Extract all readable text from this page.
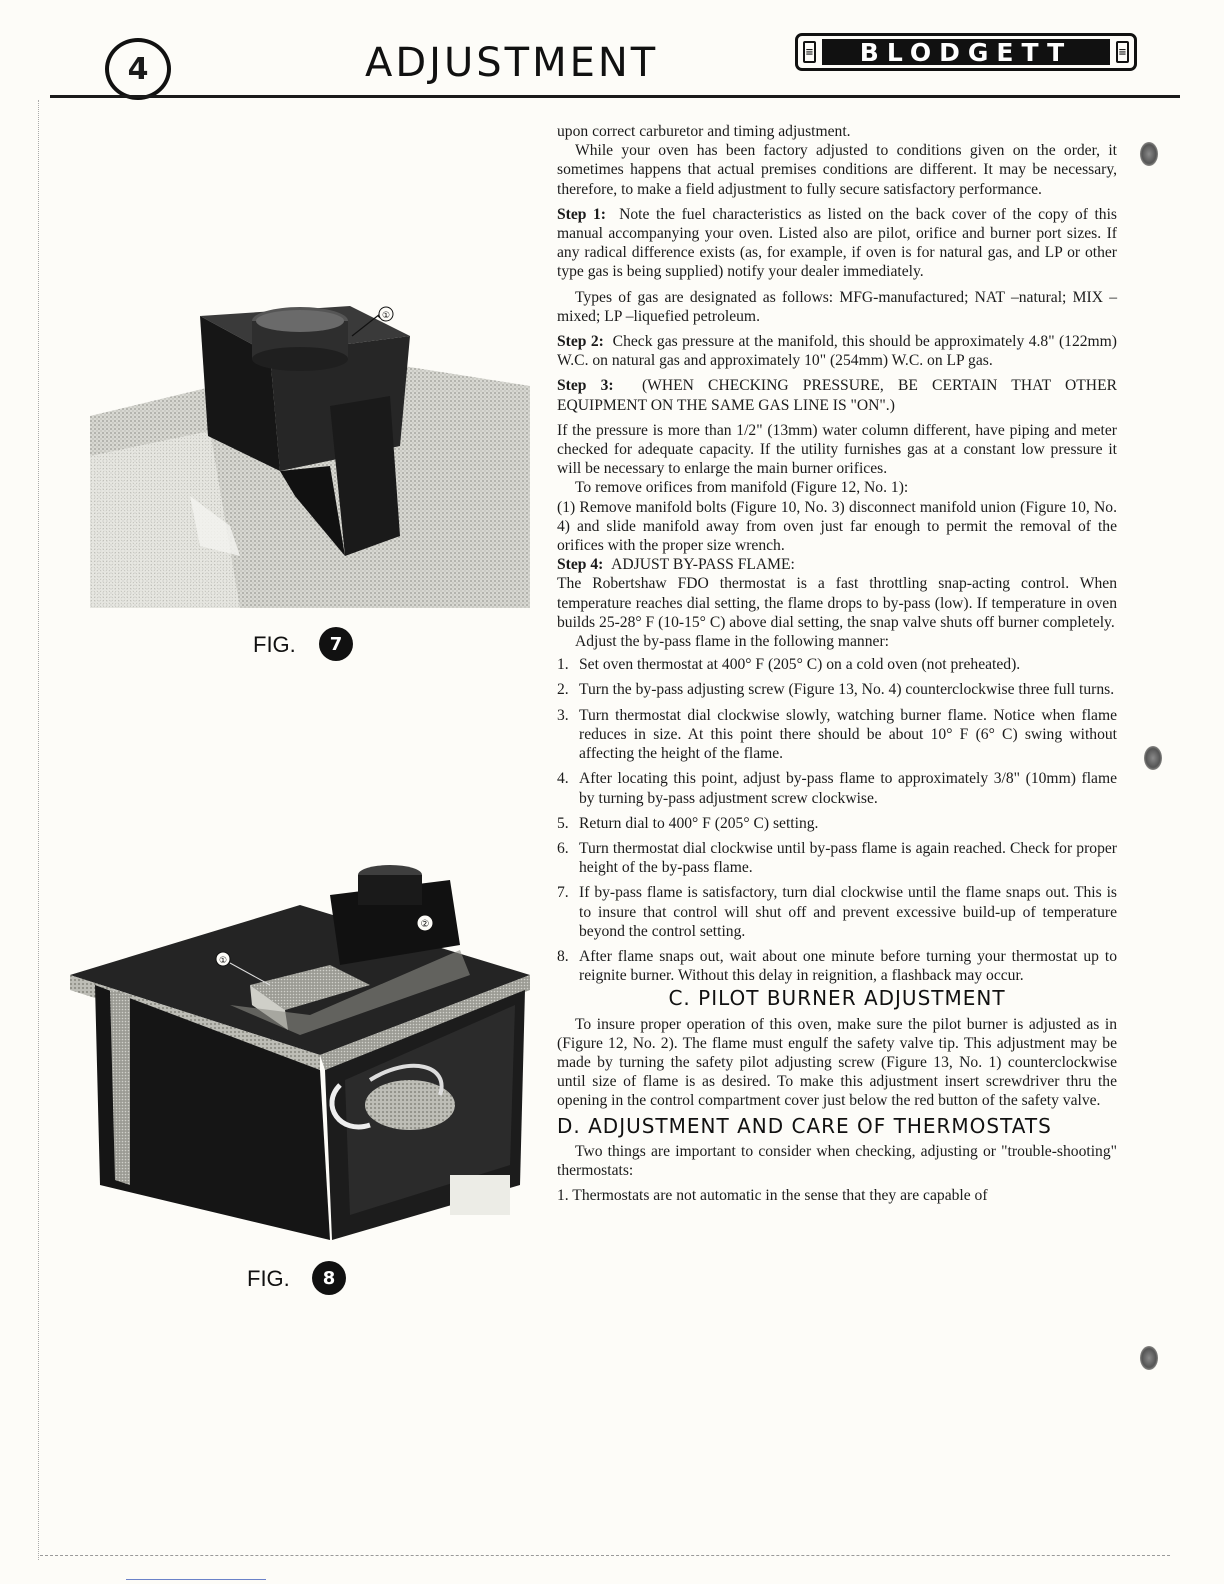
4	ADJUSTMENT	≡	BLODGETT	≡
①
FIG.	7
①
②
FIG.	8

upon correct carburetor and timing adjustment.

While your oven has been factory adjusted to conditions given on the order, it sometimes happens that actual premises conditions are different. It may be necessary, therefore, to make a field adjustment to fully secure satisfactory performance.

Step 1: Note the fuel characteristics as listed on the back cover of the copy of this manual accompanying your oven. Listed also are pilot, orifice and burner port sizes. If any radical difference exists (as, for example, if oven is for natural gas, and LP or other type gas is being supplied) notify your dealer immediately.

Types of gas are designated as follows: MFG-manufactured; NAT –natural; MIX –mixed; LP –liquefied petroleum.

Step 2: Check gas pressure at the manifold, this should be approximately 4.8" (122mm) W.C. on natural gas and approximately 10" (254mm) W.C. on LP gas.

Step 3: (WHEN CHECKING PRESSURE, BE CERTAIN THAT OTHER EQUIPMENT ON THE SAME GAS LINE IS "ON".)

If the pressure is more than 1/2" (13mm) water column different, have piping and meter checked for adequate capacity. If the utility furnishes gas at a constant low pressure it will be necessary to enlarge the main burner orifices.

To remove orifices from manifold (Figure 12, No. 1):

(1) Remove manifold bolts (Figure 10, No. 3) disconnect manifold union (Figure 10, No. 4) and slide manifold away from oven just far enough to permit the removal of the orifices with the proper size wrench.

Step 4: ADJUST BY-PASS FLAME:

The Robertshaw FDO thermostat is a fast throttling snap-acting control. When temperature reaches dial setting, the flame drops to by-pass (low). If temperature in oven builds 25-28° F (10-15° C) above dial setting, the snap valve shuts off burner completely.

Adjust the by-pass flame in the following manner:

1. Set oven thermostat at 400° F (205° C) on a cold oven (not preheated).
2. Turn the by-pass adjusting screw (Figure 13, No. 4) counterclockwise three full turns.
3. Turn thermostat dial clockwise slowly, watching burner flame. Notice when flame reduces in size. At this point there should be about 10° F (6° C) swing without affecting the height of the flame.
4. After locating this point, adjust by-pass flame to approximately 3/8" (10mm) flame by turning by-pass adjustment screw clockwise.
5. Return dial to 400° F (205° C) setting.
6. Turn thermostat dial clockwise until by-pass flame is again reached. Check for proper height of the by-pass flame.
7. If by-pass flame is satisfactory, turn dial clockwise until the flame snaps out. This is to insure that control will shut off and prevent excessive build-up of temperature beyond the control setting.
8. After flame snaps out, wait about one minute before turning your thermostat up to reignite burner. Without this delay in reignition, a flashback may occur.
C. PILOT BURNER ADJUSTMENT

To insure proper operation of this oven, make sure the pilot burner is adjusted as in (Figure 12, No. 2). The flame must engulf the safety valve tip. This adjustment may be made by turning the safety pilot adjusting screw (Figure 13, No. 1) counterclockwise until size of flame is as desired. To make this adjustment insert screwdriver thru the opening in the control compartment cover just below the red button of the safety valve.

D. ADJUSTMENT AND CARE OF THERMOSTATS

Two things are important to consider when checking, adjusting or "trouble-shooting" thermostats:

1. Thermostats are not automatic in the sense that they are capable of
